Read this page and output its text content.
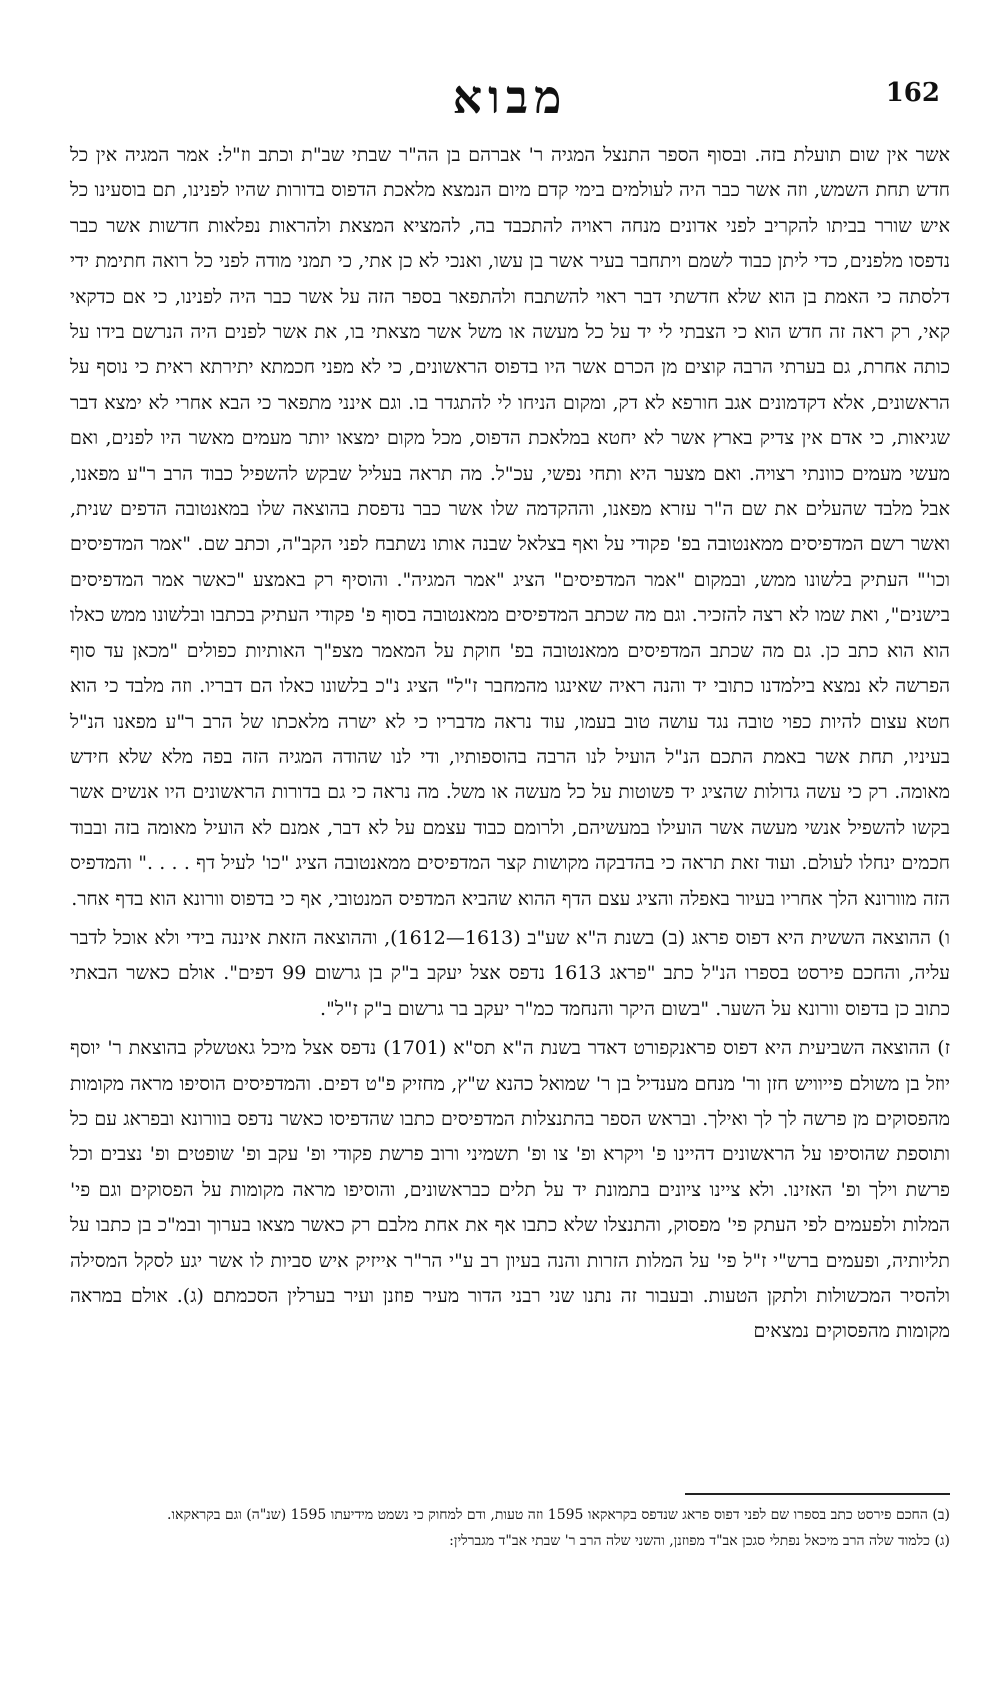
מבוא	162

אשר אין שום תועלת בזה. ובסוף הספר התנצל המגיה ר' אברהם בן הה"ר שבתי שב"ת וכתב וז"ל: אמר המגיה אין כל חדש תחת השמש, וזה אשר כבר היה לעולמים בימי קדם מיום הנמצא מלאכת הדפוס בדורות שהיו לפנינו, תם בוסעינו כל איש שורר בביתו להקריב לפני אדונים מנחה ראויה להתכבד בה, להמציא המצאת ולהראות נפלאות חדשות אשר כבר נדפסו מלפנים, כדי ליתן כבוד לשמם ויתחבר בעיר אשר בן עשו, ואנכי לא כן אתי, כי תמני מודה לפני כל רואה חתימת ידי דלסתה כי האמת בן הוא שלא חדשתי דבר ראוי להשתבח ולהתפאר בספר הזה על אשר כבר היה לפנינו, כי אם כדקאי קאי, רק ראה זה חדש הוא כי הצבתי לי יד על כל מעשה או משל אשר מצאתי בו, את אשר לפנים היה הנרשם בידו על כותה אחרת, גם בערתי הרבה קוצים מן הכרם אשר היו בדפוס הראשונים, כי לא מפני חכמתא יתירתא ראית כי נוסף על הראשונים, אלא דקדמונים אגב חורפא לא דק, ומקום הניחו לי להתגדר בו. וגם אינני מתפאר כי הבא אחרי לא ימצא דבר שגיאות, כי אדם אין צדיק בארץ אשר לא יחטא במלאכת הדפוס, מכל מקום ימצאו יותר מעמים מאשר היו לפנים, ואם מעשי מעמים כוונתי רצויה. ואם מצער היא ותחי נפשי, עכ"ל. מה תראה בעליל שבקש להשפיל כבוד הרב ר"ע מפאנו, אבל מלבד שהעלים את שם ה"ר עזרא מפאנו, וההקדמה שלו אשר כבר נדפסת בהוצאה שלו במאנטובה הדפים שנית, ואשר רשם המדפיסים ממאנטובה בפ' פקודי על ואף בצלאל שבנה אותו נשתבח לפני הקב"ה, וכתב שם. "אמר המדפיסים וכו'" העתיק בלשונו ממש, ובמקום "אמר המדפיסים" הציג "אמר המגיה". והוסיף רק באמצע "כאשר אמר המדפיסים בישנים", ואת שמו לא רצה להזכיר. וגם מה שכתב המדפיסים ממאנטובה בסוף פ' פקודי העתיק בכתבו ובלשונו ממש כאלו הוא הוא כתב כן. גם מה שכתב המדפיסים ממאנטובה בפ' חוקת על המאמר מצפ"ך האותיות כפולים "מכאן עד סוף הפרשה לא נמצא בילמדנו כתובי יד והנה ראיה שאינגו מהמחבר ז"ל" הציג נ"כ בלשונו כאלו הם דבריו. וזה מלבד כי הוא חטא עצום להיות כפוי טובה נגד עושה טוב בעמו, עוד נראה מדבריו כי לא ישרה מלאכתו של הרב ר"ע מפאנו הנ"ל בעיניו, תחת אשר באמת התכם הנ"ל הועיל לנו הרבה בהוספותיו, ודי לנו שהודה המגיה הזה בפה מלא שלא חידש מאומה. רק כי עשה גדולות שהציג יד פשוטות על כל מעשה או משל. מה נראה כי גם בדורות הראשונים היו אנשים אשר בקשו להשפיל אנשי מעשה אשר הועילו במעשיהם, ולרומם כבוד עצמם על לא דבר, אמנם לא הועיל מאומה בזה ובבוד חכמים ינחלו לעולם. ועוד זאת תראה כי בהדבקה מקושות קצר המדפיסים ממאנטובה הציג "כו' לעיל דף . . . ." והמדפיס הזה מוורונא הלך אחריו בעיור באפלה והציג עצם הדף ההוא שהביא המדפיס המנטובי, אף כי בדפוס וורונא הוא בדף אחר.

ו) ההוצאה הששית היא דפוס פראג (ב) בשנת ה"א שע"ב (1613—1612), וההוצאה הזאת איננה בידי ולא אוכל לדבר עליה, והחכם פירסט בספרו הנ"ל כתב "פראג 1613 נדפס אצל יעקב ב"ק בן גרשום 99 דפים". אולם כאשר הבאתי כתוב כן בדפוס וורונא על השער. "בשום היקר והנחמד כמ"ר יעקב בר גרשום ב"ק ז"ל".

ז) ההוצאה השביעית היא דפוס פראנקפורט דאדר בשנת ה"א תס"א (1701) נדפס אצל מיכל גאטשלק בהוצאת ר' יוסף יוזל בן משולם פייוויש חזן ור' מנחם מענדיל בן ר' שמואל כהנא ש"ץ, מחזיק פ"ט דפים. והמדפיסים הוסיפו מראה מקומות מהפסוקים מן פרשה לך לך ואילך. ובראש הספר בהתנצלות המדפיסים כתבו שהדפיסו כאשר נדפס בוורונא ובפראג עם כל ותוספת שהוסיפו על הראשונים דהיינו פ' ויקרא ופ' צו ופ' תשמיני ורוב פרשת פקודי ופ' עקב ופ' שופטים ופ' נצבים וכל פרשת וילך ופ' האזינו. ולא ציינו ציונים בתמונת יד על תלים כבראשונים, והוסיפו מראה מקומות על הפסוקים וגם פי' המלות ולפעמים לפי העתק פי' מפסוק, והתנצלו שלא כתבו אף את אחת מלבם רק כאשר מצאו בערוך ובמ"כ בן כתבו על תליותיה, ופעמים ברש"י ז"ל פי' על המלות הזרות והנה בעיון רב ע"י הר"ר אייזיק איש סביות לו אשר יגע לסקל המסילה ולהסיר המכשולות ולתקן הטעות. ובעבור זה נתנו שני רבני הדור מעיר פוזנן ועיר בערלין הסכמתם (ג). אולם במראה מקומות מהפסוקים נמצאים

(ב) החכם פירסט כתב בספרו שם לפני דפוס פראג שנדפס בקראקאו 1595 וזה טעות, ודם למחוק כי נשמט מידיעתו 1595 (שנ"ה) וגם בקראקאו.

(ג) כלמוד שלה הרב מיכאל נפתלי סגכן אב"ד מפוזנן, והשני שלה הרב ר' שבתי אב"ד מגברלין:
